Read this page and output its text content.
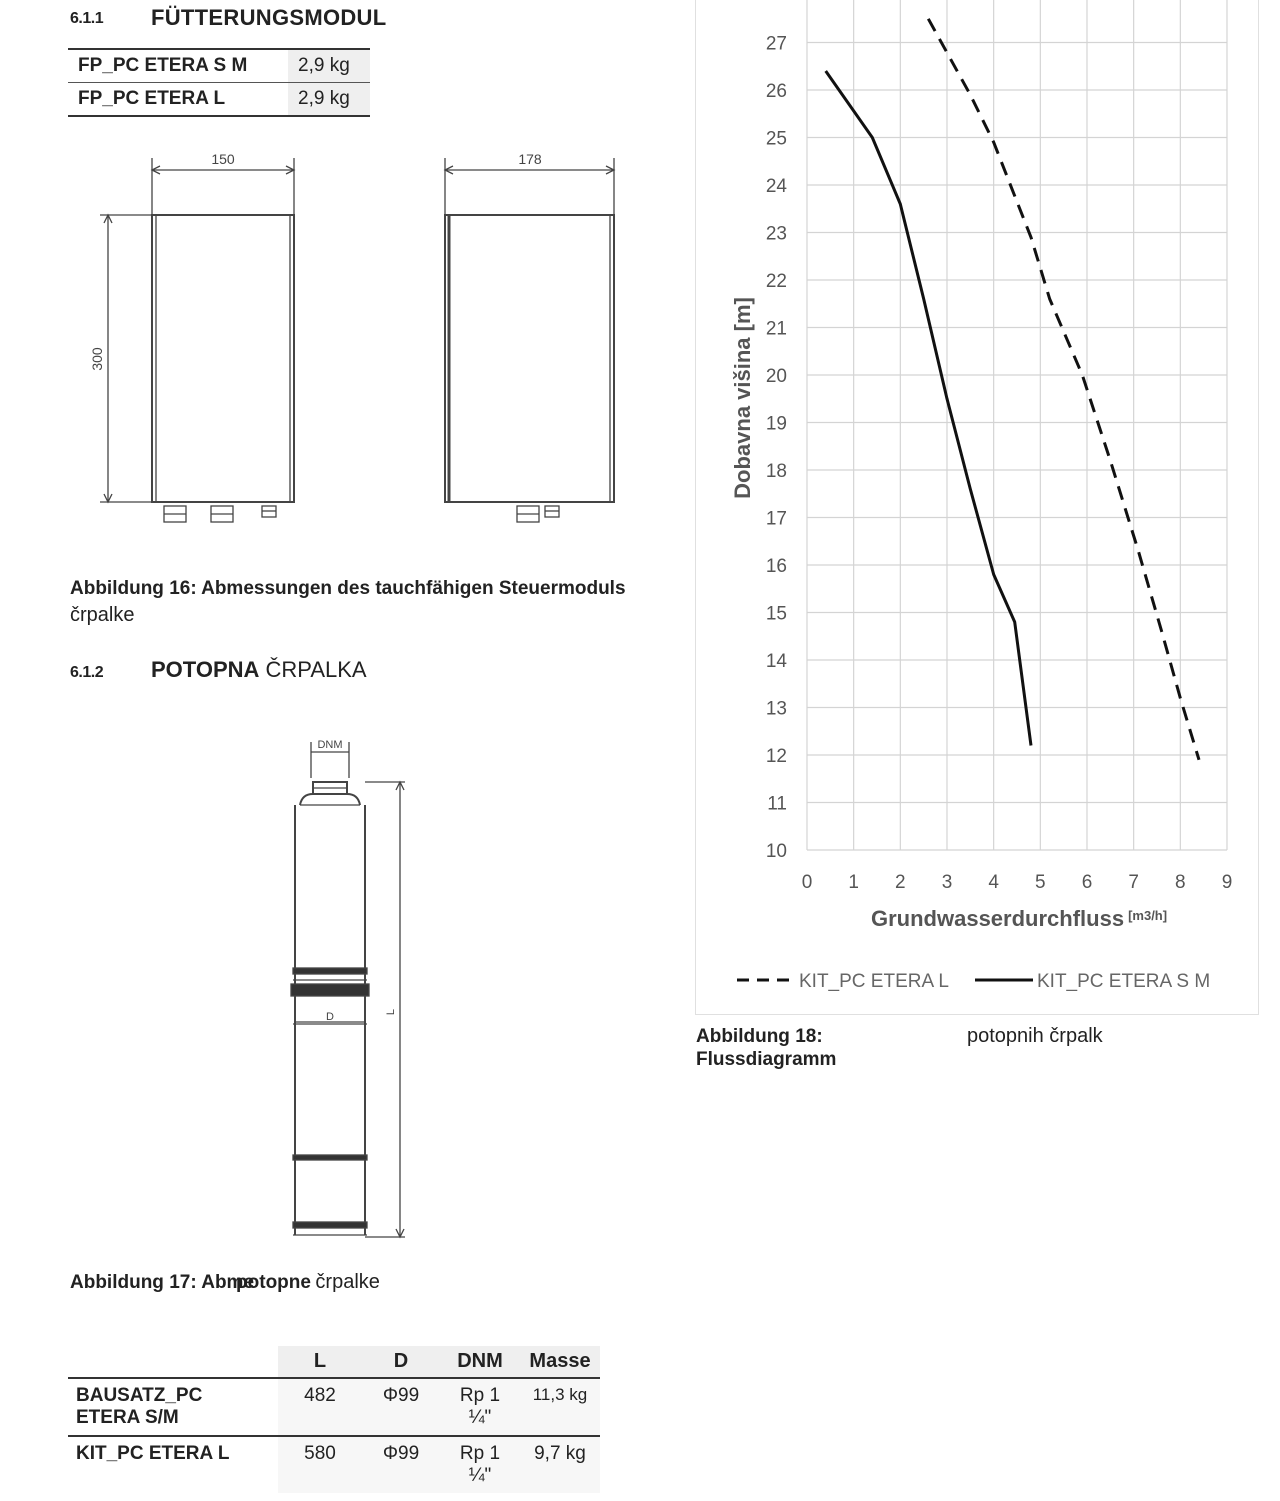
6.1.1 FÜTTERUNGSMODUL
FP_PC ETERA S M	2,9 kg
FP_PC ETERA L	2,9 kg
150	178
300
Abbildung 16: Abmessungen des tauchfähigen Steuermoduls
črpalke
6.1.2 POTOPNA ČRPALKA
DNM
D	L
Abbildung 17: Abmepotopne črpalke
	L	D	DNM	Masse
BAUSATZ_PC ETERA S/M	482	Φ99	Rp 1 ¼"	11,3 kg
KIT_PC ETERA L	580	Φ99	Rp 1 ¼"	9,7 kg
10
11
12
13
14
15
16
17
18
19
20
21
22
23
24
25
26
27
0 1 2 3 4 5 6 7 8 9
Dobavna višina [m]
Grundwasserdurchfluss [m3/h]
KIT_PC ETERA L	KIT_PC ETERA S M
Abbildung 18:
Flussdiagramm
potopnih črpalk
